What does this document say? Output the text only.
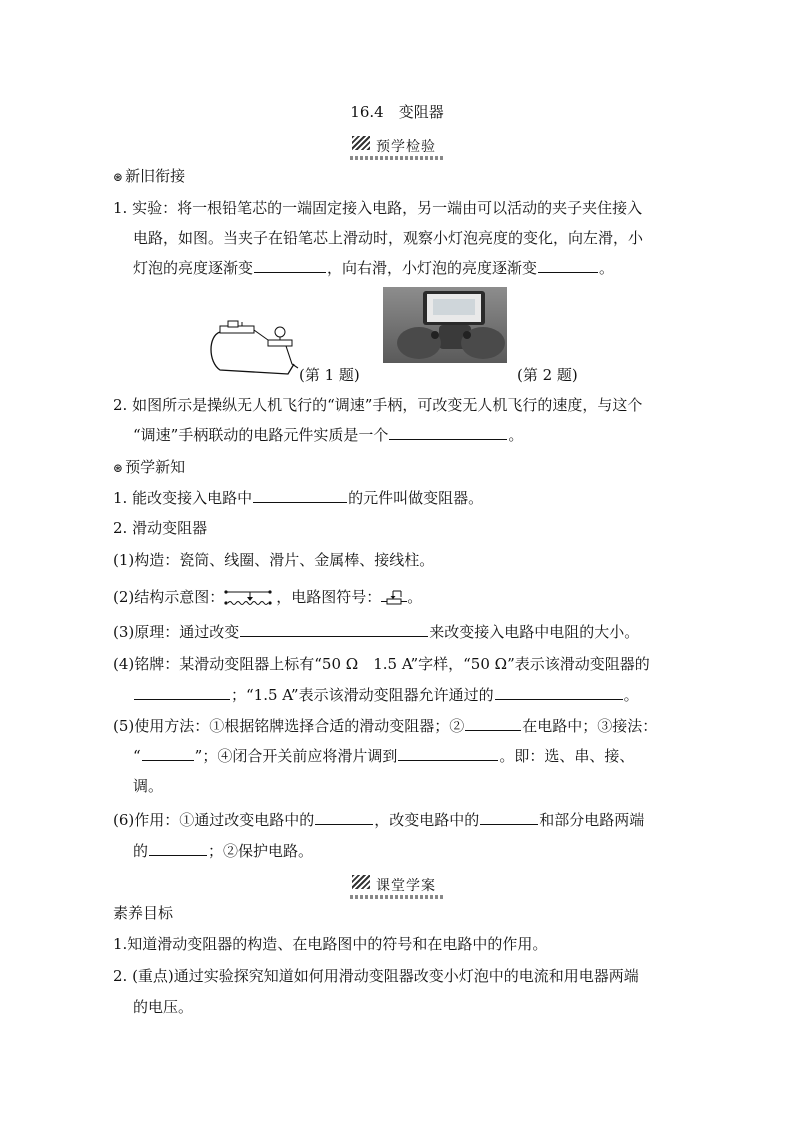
16.4　变阻器
预学检验
⊛ 新旧衔接
1. 实验：将一根铅笔芯的一端固定接入电路，另一端由可以活动的夹子夹住接入
电路，如图。当夹子在铅笔芯上滑动时，观察小灯泡亮度的变化，向左滑，小
灯泡的亮度逐渐变	，向右滑，小灯泡的亮度逐渐变	。
(第 1 题)	(第 2 题)
2. 如图所示是操纵无人机飞行的“调速”手柄，可改变无人机飞行的速度，与这个
“调速”手柄联动的电路元件实质是一个	。
⊛ 预学新知
1. 能改变接入电路中	的元件叫做变阻器。
2. 滑动变阻器
(1)构造：瓷筒、线圈、滑片、金属棒、接线柱。
(2)结构示意图：	，电路图符号： 。
(3)原理：通过改变	来改变接入电路中电阻的大小。
(4)铭牌：某滑动变阻器上标有“50 Ω　1.5 A”字样，“50 Ω”表示该滑动变阻器的
；“1.5 A”表示该滑动变阻器允许通过的	。
(5)使用方法：①根据铭牌选择合适的滑动变阻器；②	在电路中；③接法：
“	”；④闭合开关前应将滑片调到	。即：选、串、接、
调。
(6)作用：①通过改变电路中的	，改变电路中的	和部分电路两端
的	；②保护电路。
课堂学案
素养目标
1.知道滑动变阻器的构造、在电路图中的符号和在电路中的作用。
2. (重点)通过实验探究知道如何用滑动变阻器改变小灯泡中的电流和用电器两端
的电压。
